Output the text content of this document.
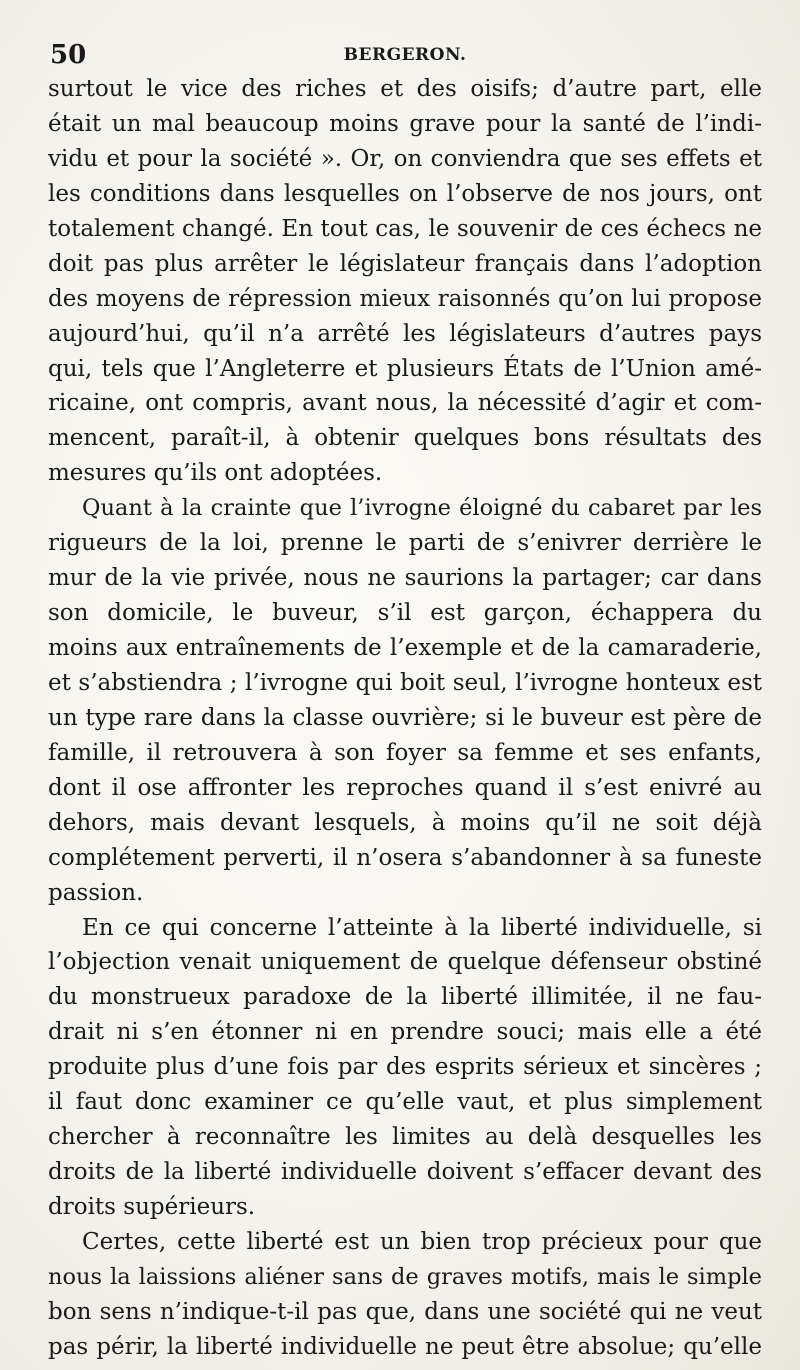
50	BERGERON.
surtout le vice des riches et des oisifs; d’autre part, elle
était un mal beaucoup moins grave pour la santé de l’indi-
vidu et pour la société ». Or, on conviendra que ses effets et
les conditions dans lesquelles on l’observe de nos jours, ont
totalement changé. En tout cas, le souvenir de ces échecs ne
doit pas plus arrêter le législateur français dans l’adoption
des moyens de répression mieux raisonnés qu’on lui propose
aujourd’hui, qu’il n’a arrêté les législateurs d’autres pays
qui, tels que l’Angleterre et plusieurs États de l’Union amé-
ricaine, ont compris, avant nous, la nécessité d’agir et com-
mencent, paraît-il, à obtenir quelques bons résultats des
mesures qu’ils ont adoptées.
Quant à la crainte que l’ivrogne éloigné du cabaret par les
rigueurs de la loi, prenne le parti de s’enivrer derrière le
mur de la vie privée, nous ne saurions la partager; car dans
son domicile, le buveur, s’il est garçon, échappera du
moins aux entraînements de l’exemple et de la camaraderie,
et s’abstiendra ; l’ivrogne qui boit seul, l’ivrogne honteux est
un type rare dans la classe ouvrière; si le buveur est père de
famille, il retrouvera à son foyer sa femme et ses enfants,
dont il ose affronter les reproches quand il s’est enivré au
dehors, mais devant lesquels, à moins qu’il ne soit déjà
complétement perverti, il n’osera s’abandonner à sa funeste
passion.
En ce qui concerne l’atteinte à la liberté individuelle, si
l’objection venait uniquement de quelque défenseur obstiné
du monstrueux paradoxe de la liberté illimitée, il ne fau-
drait ni s’en étonner ni en prendre souci; mais elle a été
produite plus d’une fois par des esprits sérieux et sincères ;
il faut donc examiner ce qu’elle vaut, et plus simplement
chercher à reconnaître les limites au delà desquelles les
droits de la liberté individuelle doivent s’effacer devant des
droits supérieurs.
Certes, cette liberté est un bien trop précieux pour que
nous la laissions aliéner sans de graves motifs, mais le simple
bon sens n’indique-t-il pas que, dans une société qui ne veut
pas périr, la liberté individuelle ne peut être absolue; qu’elle
